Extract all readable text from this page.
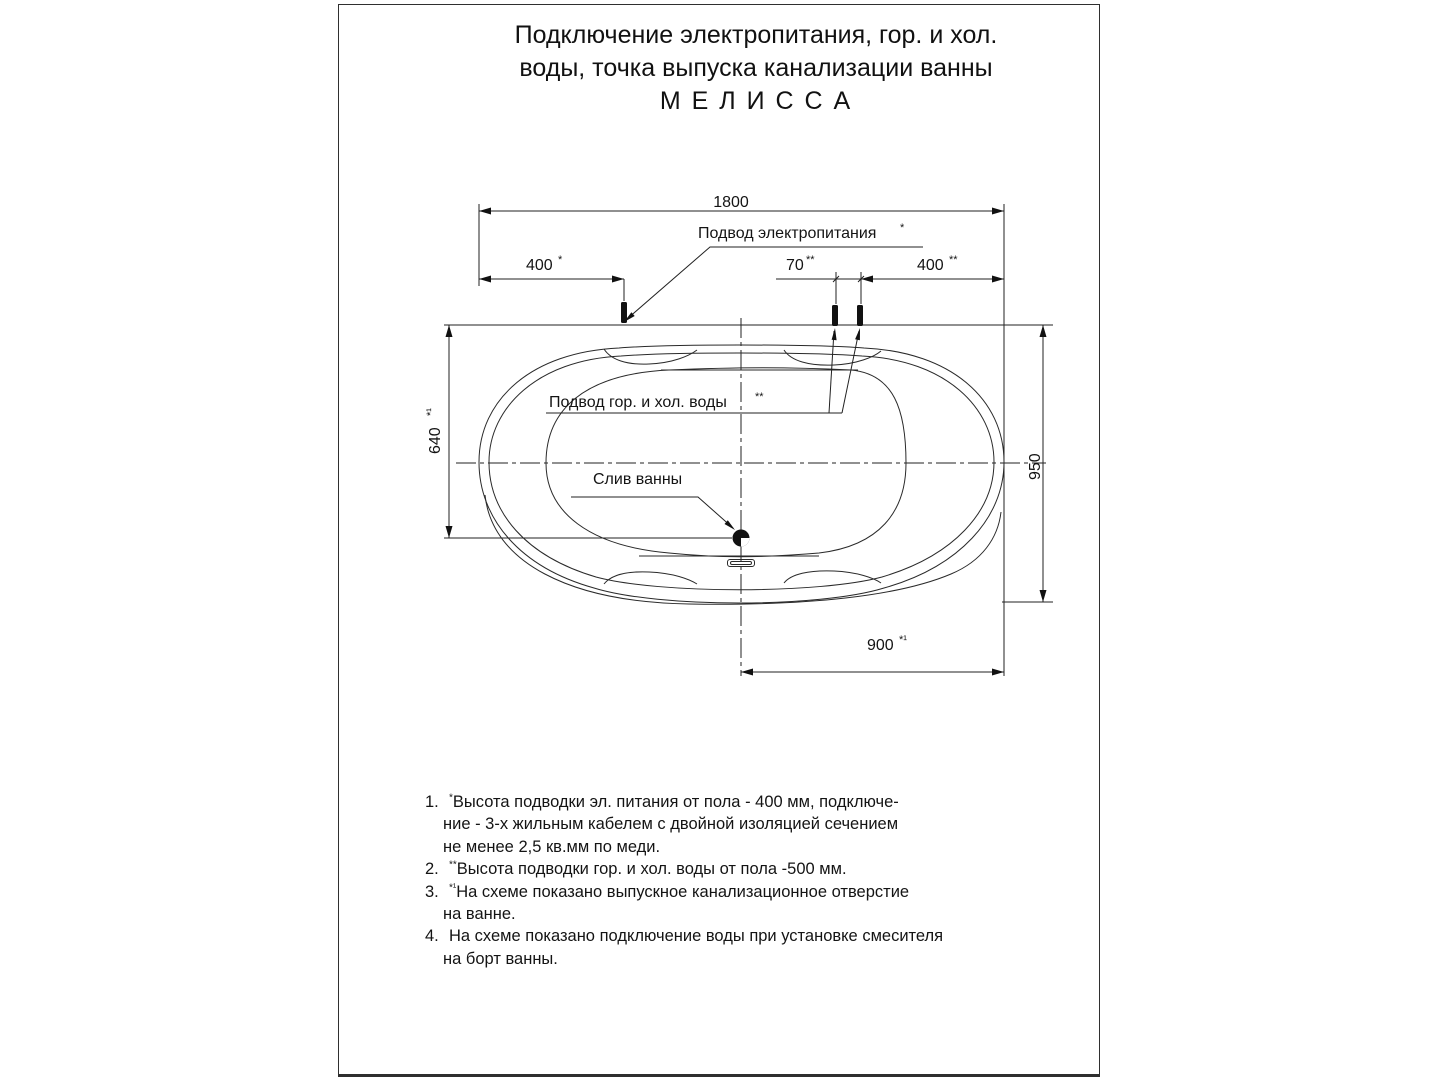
Подключение электропитания, гор. и хол.
воды, точка выпуска канализации ванны
М Е Л И С С А
1800
400 *	70 **	400 **
640
*¹
950
900 *¹
Подвод электропитания *
Подвод гор. и хол. воды	**
Слив ванны
1.	*Высота подводки эл. питания от пола - 400 мм, подключе-
ние - 3-х жильным кабелем с двойной изоляцией сечением
не менее 2,5 кв.мм по меди.
2.	**Высота подводки гор. и хол. воды от пола -500 мм.
3.	$^{*^1}$На схеме показано выпускное канализационное отверстие
на ванне.
4. На схеме показано подключение воды при установке смесителя
на борт ванны.
